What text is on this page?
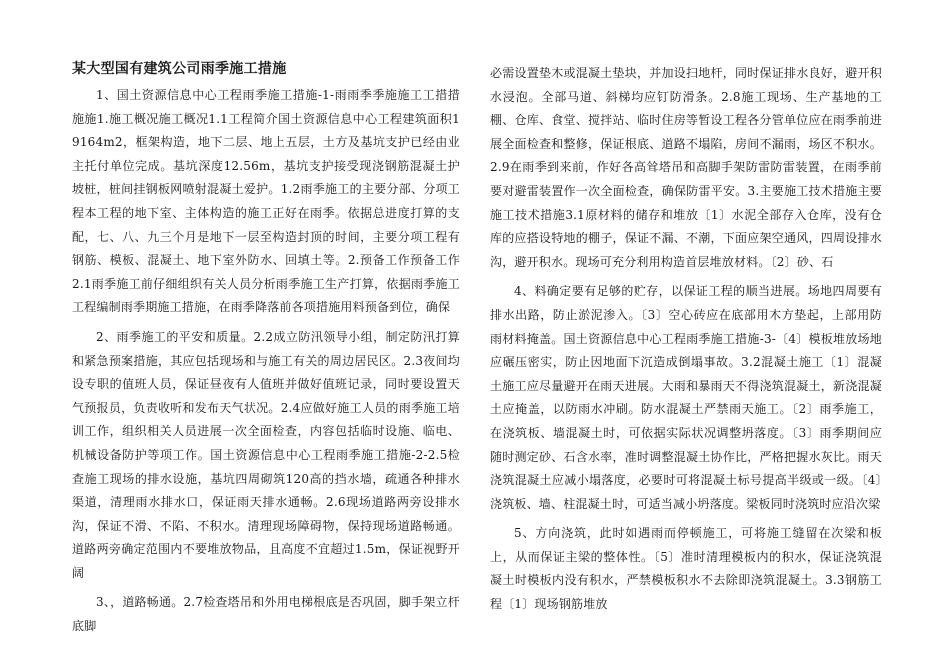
某大型国有建筑公司雨季施工措施

1、国土资源信息中心工程雨季施工措施-1-雨雨季季施施工工措措施施1.施工概况施工概况1.1工程简介国土资源信息中心工程建筑面积19164m2，框架构造，地下二层、地上五层，土方及基坑支护已经由业主托付单位完成。基坑深度12.56m，基坑支护接受现浇钢筋混凝土护坡桩，桩间挂钢板网喷射混凝土爱护。1.2雨季施工的主要分部、分项工程本工程的地下室、主体构造的施工正好在雨季。依据总进度打算的支配，七、八、九三个月是地下一层至构造封顶的时间，主要分项工程有钢筋、模板、混凝土、地下室外防水、回填土等。2.预备工作预备工作2.1雨季施工前仔细组织有关人员分析雨季施工生产打算，依据雨季施工工程编制雨季期施工措施，在雨季降落前各项措施用料预备到位，确保

2、雨季施工的平安和质量。2.2成立防汛领导小组，制定防汛打算和紧急预案措施，其应包括现场和与施工有关的周边居民区。2.3夜间均设专职的值班人员，保证昼夜有人值班并做好值班记录，同时要设置天气预报员，负责收听和发布天气状况。2.4应做好施工人员的雨季施工培训工作，组织相关人员进展一次全面检查，内容包括临时设施、临电、机械设备防护等项工作。国土资源信息中心工程雨季施工措施-2-2.5检查施工现场的排水设施，基坑四周砌筑120高的挡水墙，疏通各种排水渠道，清理雨水排水口，保证雨天排水通畅。2.6现场道路两旁设排水沟，保证不滑、不陷、不积水。清理现场障碍物，保持现场道路畅通。道路两旁确定范围内不要堆放物品，且高度不宜超过1.5m，保证视野开阔

3、，道路畅通。2.7检查塔吊和外用电梯根底是否巩固，脚手架立杆底脚

必需设置垫木或混凝土垫块，并加设扫地杆，同时保证排水良好，避开积水浸泡。全部马道、斜梯均应钉防滑条。2.8施工现场、生产基地的工棚、仓库、食堂、搅拌站、临时住房等暂设工程各分管单位应在雨季前进展全面检查和整修，保证根底、道路不塌陷，房间不漏雨，场区不积水。2.9在雨季到来前，作好各高耸塔吊和高脚手架防雷防雷装置，在雨季前要对避雷装置作一次全面检查，确保防雷平安。3.主要施工技术措施主要施工技术措施3.1原材料的储存和堆放〔1〕水泥全部存入仓库，没有仓库的应搭设特地的棚子，保证不漏、不潮，下面应架空通风，四周设排水沟，避开积水。现场可充分利用构造首层堆放材料。〔2〕砂、石

4、料确定要有足够的贮存，以保证工程的顺当进展。场地四周要有排水出路，防止淤泥渗入。〔3〕空心砖应在底部用木方垫起，上部用防雨材料掩盖。国土资源信息中心工程雨季施工措施-3-〔4〕模板堆放场地应碾压密实，防止因地面下沉造成倒塌事故。3.2混凝土施工〔1〕混凝土施工应尽量避开在雨天进展。大雨和暴雨天不得浇筑混凝土，新浇混凝土应掩盖，以防雨水冲刷。防水混凝土严禁雨天施工。〔2〕雨季施工，在浇筑板、墙混凝土时，可依据实际状况调整坍落度。〔3〕雨季期间应随时测定砂、石含水率，准时调整混凝土协作比，严格把握水灰比。雨天浇筑混凝土应减小塌落度，必要时可将混凝土标号提高半级或一级。〔4〕浇筑板、墙、柱混凝土时，可适当减小坍落度。梁板同时浇筑时应沿次梁

5、方向浇筑，此时如遇雨而停顿施工，可将施工缝留在次梁和板上，从而保证主梁的整体性。〔5〕准时清理模板内的积水，保证浇筑混凝土时模板内没有积水，严禁模板积水不去除即浇筑混凝土。3.3钢筋工程〔1〕现场钢筋堆放
